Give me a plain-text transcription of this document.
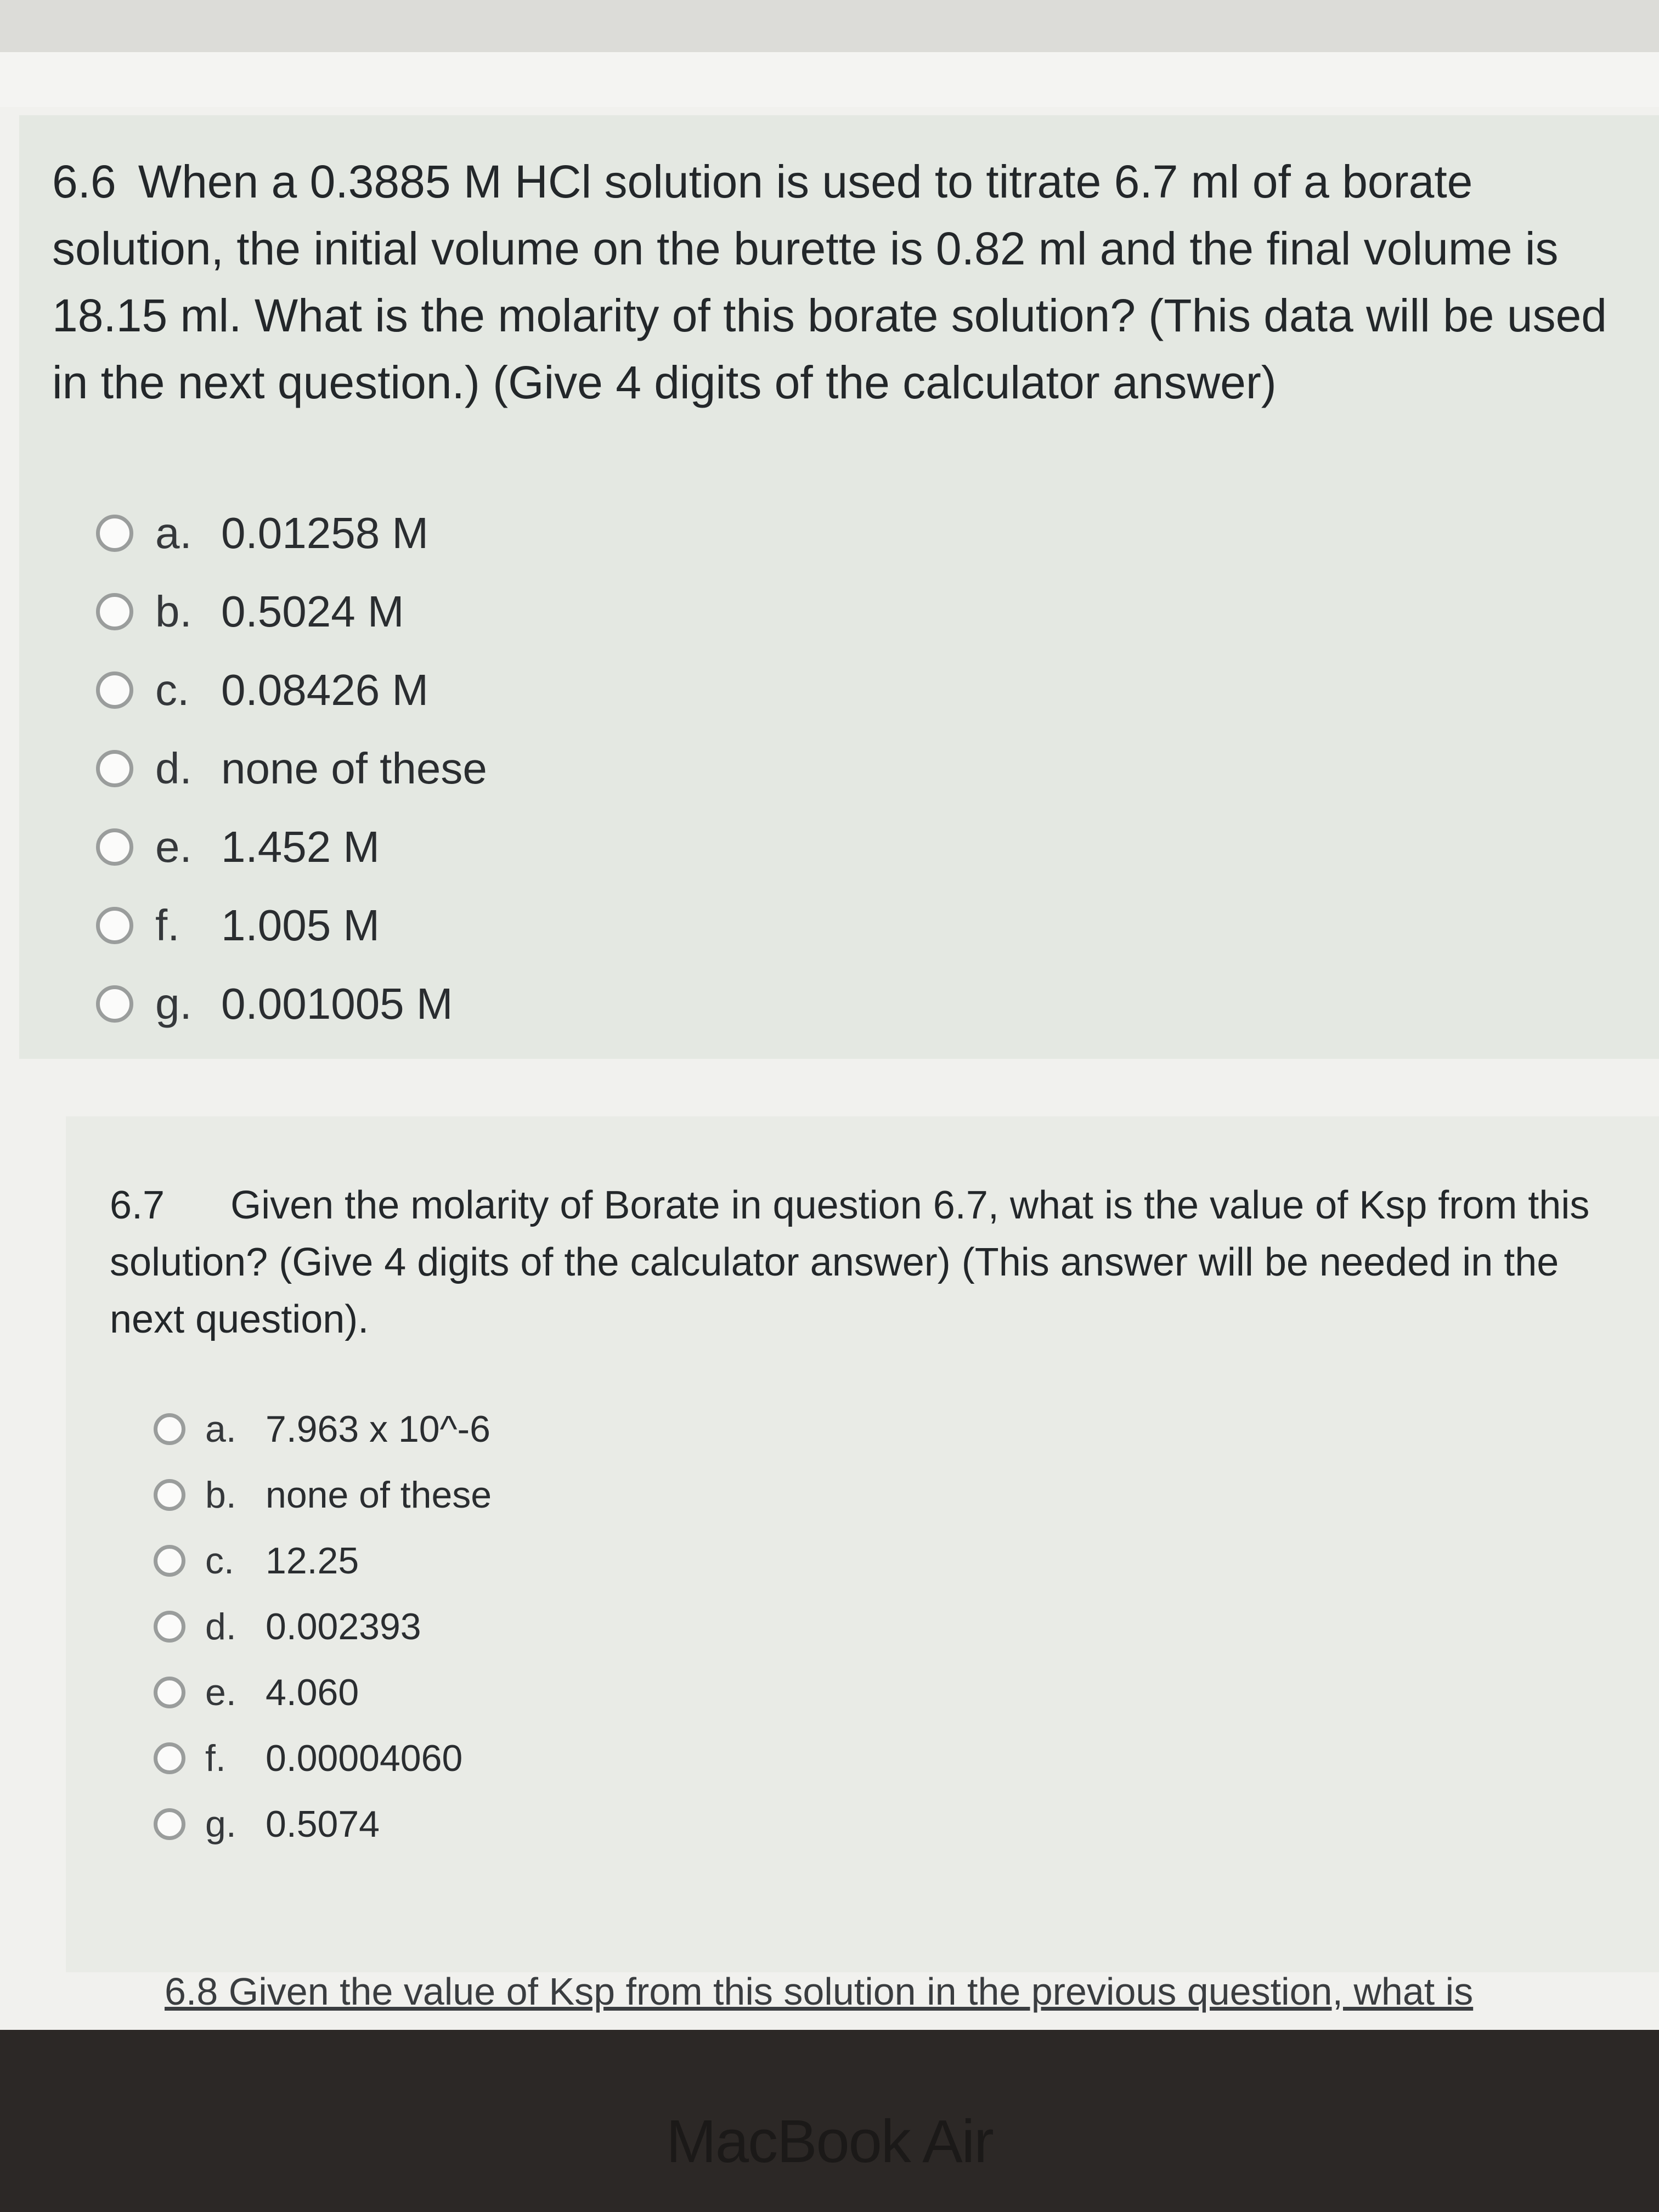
6.6 When a 0.3885 M HCl solution is used to titrate 6.7 ml of a borate solution, the initial volume on the burette is 0.82 ml and the final volume is 18.15 ml. What is the molarity of this borate solution? (This data will be used in the next question.) (Give 4 digits of the calculator answer)

a. 0.01258 M
b. 0.5024 M
c. 0.08426 M
d. none of these
e. 1.452 M
f. 1.005 M
g. 0.001005 M

6.7 Given the molarity of Borate in question 6.7, what is the value of Ksp from this solution? (Give 4 digits of the calculator answer) (This answer will be needed in the next question).

a. 7.963 x 10^-6
b. none of these
c. 12.25
d. 0.002393
e. 4.060
f.	0.00004060
g. 0.5074
6.8 Given the value of Ksp from this solution in the previous question, what is
MacBook Air
